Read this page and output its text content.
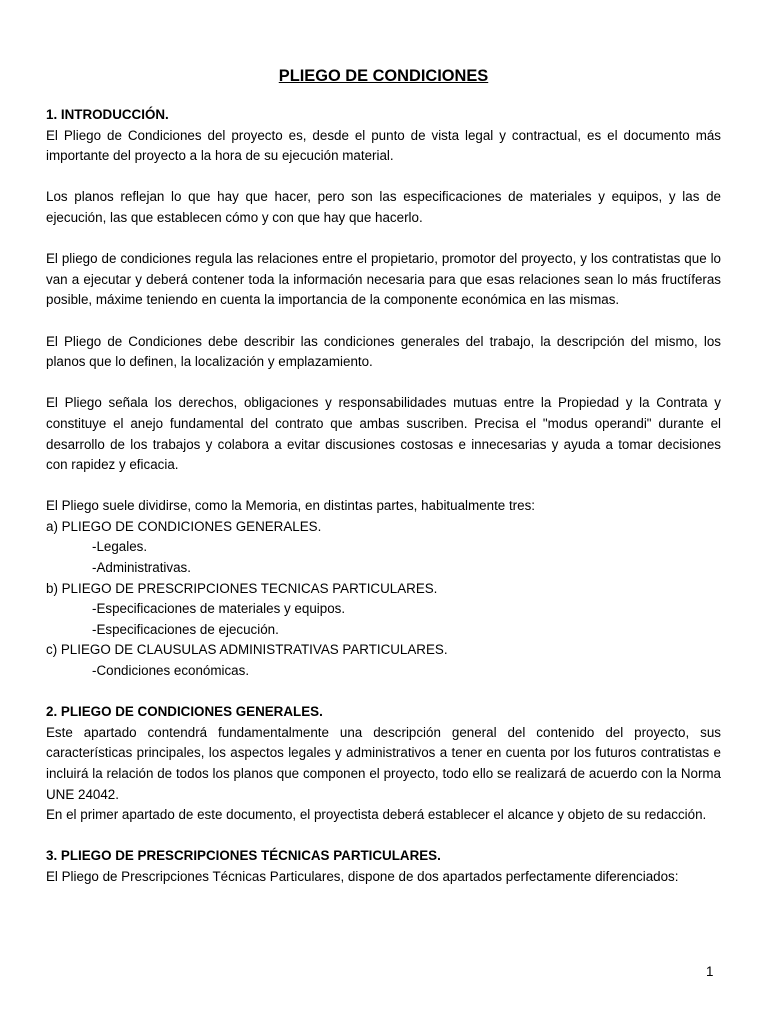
PLIEGO DE CONDICIONES
1. INTRODUCCIÓN.

El Pliego de Condiciones del proyecto es, desde el punto de vista legal y contractual, es el documento más importante del proyecto a la hora de su ejecución material.

Los planos reflejan lo que hay que hacer, pero son las especificaciones de materiales y equipos, y las de ejecución, las que establecen cómo y con que hay que hacerlo.

El pliego de condiciones regula las relaciones entre el propietario, promotor del proyecto, y los contratistas que lo van a ejecutar y deberá contener toda la información necesaria para que esas relaciones sean lo más fructíferas posible, máxime teniendo en cuenta la importancia de la componente económica en las mismas.

El Pliego de Condiciones debe describir las condiciones generales del trabajo, la descripción del mismo, los planos que lo definen, la localización y emplazamiento.

El Pliego señala los derechos, obligaciones y responsabilidades mutuas entre la Propiedad y la Contrata y constituye el anejo fundamental del contrato que ambas suscriben. Precisa el "modus operandi" durante el desarrollo de los trabajos y colabora a evitar discusiones costosas e innecesarias y ayuda a tomar decisiones con rapidez y eficacia.

El Pliego suele dividirse, como la Memoria, en distintas partes, habitualmente tres:
a) PLIEGO DE CONDICIONES GENERALES.
-Legales.
-Administrativas.
b) PLIEGO DE PRESCRIPCIONES TECNICAS PARTICULARES.
-Especificaciones de materiales y equipos.
-Especificaciones de ejecución.
c) PLIEGO DE CLAUSULAS ADMINISTRATIVAS PARTICULARES.
-Condiciones económicas.
2. PLIEGO DE CONDICIONES GENERALES.

Este apartado contendrá fundamentalmente una descripción general del contenido del proyecto, sus características principales, los aspectos legales y administrativos a tener en cuenta por los futuros contratistas e incluirá la relación de todos los planos que componen el proyecto, todo ello se realizará de acuerdo con la Norma UNE 24042.

En el primer apartado de este documento, el proyectista deberá establecer el alcance y objeto de su redacción.

3. PLIEGO DE PRESCRIPCIONES TÉCNICAS PARTICULARES.

El Pliego de Prescripciones Técnicas Particulares, dispone de dos apartados perfectamente diferenciados:

1
